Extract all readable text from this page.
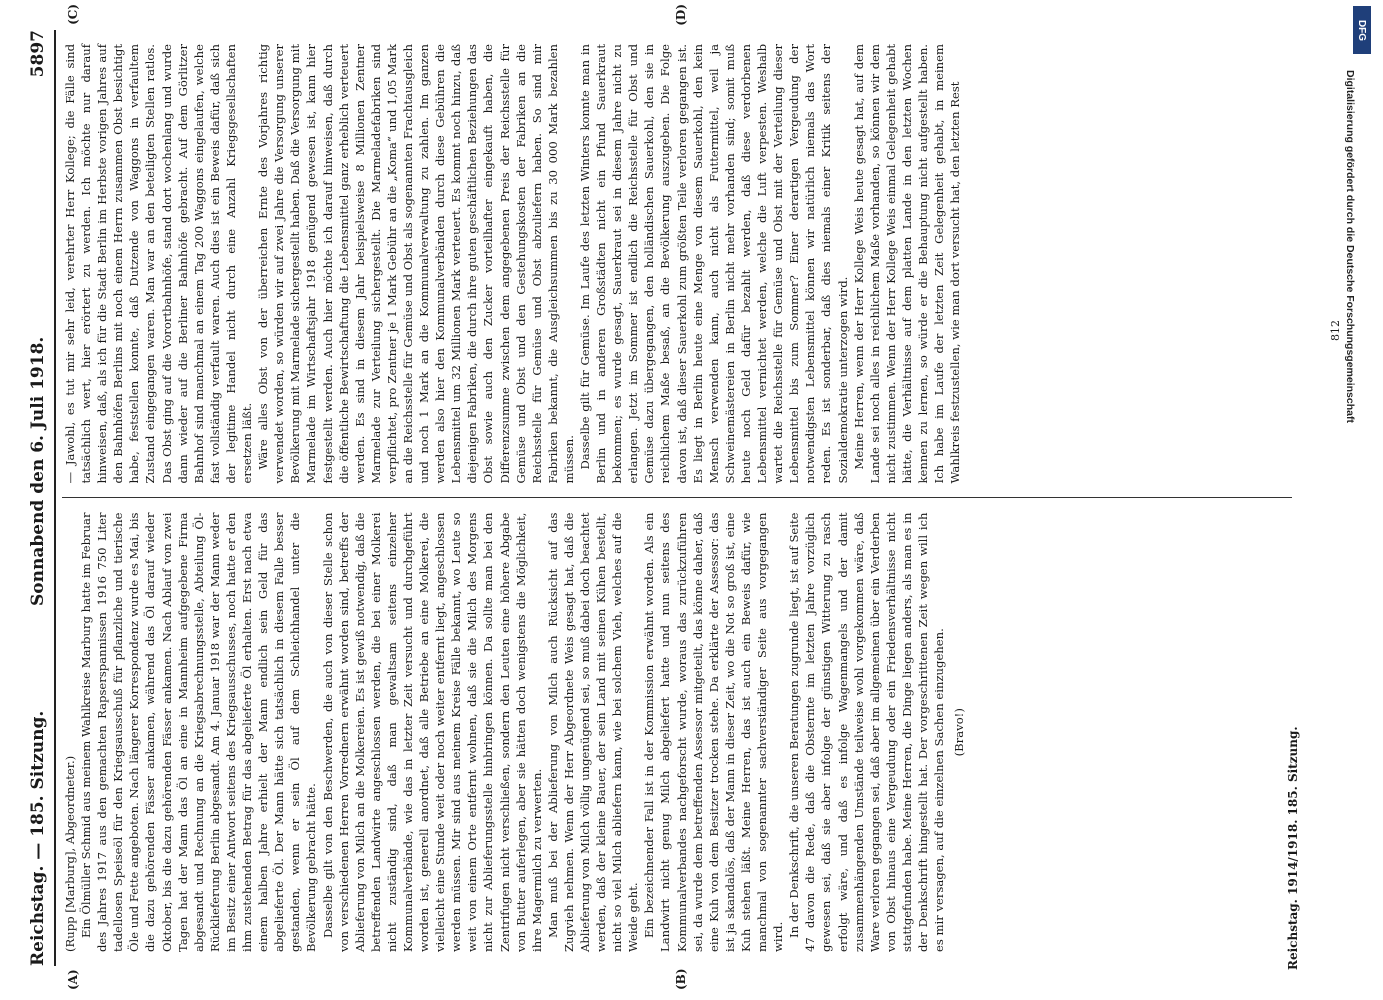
DFG
Digitalisierung gefördert durch die Deutsche Forschungsgemeinschaft
Reichstag. — 185. Sitzung.
Sonnabend den 6. Juli 1918.
5897
(A)	(B)
(C)	(D)

(Rupp [Marburg], Abgeordneter.) Ein Ölmüller Schmid aus meinem Wahlkreise Marburg hatte im Februar des Jahres 1917 aus den gemachten Rapserspannissen 1916 750 Liter tadellosen Speiseöl für den Kriegsausschuß für pflanzliche und tierische Öle und Fette angeboten. Nach längerer Korrespondenz wurde es Mai, bis die dazu gehörenden Fässer ankamen, während das Öl darauf wieder Oktober, bis die dazu gehörenden Fässer ankamen. Nach Ablauf von zwei Tagen hat der Mann das Öl an eine in Mannheim aufgegebene Firma abgesandt und Rechnung an die Kriegsabrechnungsstelle, Abteilung Öl-Rücklieferung Berlin abgesandt. Am 4. Januar 1918 war der Mann weder im Besitz einer Antwort seitens des Kriegsausschusses, noch hatte er den ihm zustehenden Betrag für das abgelieferte Öl erhalten. Erst nach etwa einem halben Jahre erhielt der Mann endlich sein Geld für das abgelieferte Öl. Der Mann hätte sich tatsächlich in diesem Falle besser gestanden, wenn er sein Öl auf dem Schleichhandel unter die Bevölkerung gebracht hätte. Dasselbe gilt von den Beschwerden, die auch von dieser Stelle schon von verschiedenen Herren Vorrednern erwähnt worden sind, betreffs der Ablieferung von Milch an die Molkereien. Es ist gewiß notwendig, daß die betreffenden Landwirte angeschlossen werden, die bei einer Molkerei nicht zuständig sind, daß man gewaltsam seitens einzelner Kommunalverbände, wie das in letzter Zeit versucht und durchgeführt worden ist, generell anordnet, daß alle Betriebe an eine Molkerei, die vielleicht eine Stunde weit oder noch weiter entfernt liegt, angeschlossen werden müssen. Mir sind aus meinem Kreise Fälle bekannt, wo Leute so weit von einem Orte entfernt wohnen, daß sie die Milch des Morgens nicht zur Ablieferungsstelle hinbringen können. Da sollte man bei den Zentrifugen nicht verschließen, sondern den Leuten eine höhere Abgabe von Butter auferlegen, aber sie hätten doch wenigstens die Möglichkeit, ihre Magermilch zu verwerten. Man muß bei der Ablieferung von Milch auch Rücksicht auf das Zugvieh nehmen. Wenn der Herr Abgeordnete Weis gesagt hat, daß die Ablieferung von Milch völlig ungenügend sei, so muß dabei doch beachtet werden, daß der kleine Bauer, der sein Land mit seinen Kühen bestellt, nicht so viel Milch abliefern kann, wie bei solchem Vieh, welches auf die Weide geht. Ein bezeichnender Fall ist in der Kommission erwähnt worden. Als ein Landwirt nicht genug Milch abgeliefert hatte und nun seitens des Kommunalverbandes nachgeforscht wurde, woraus das zurückzuführen sei, da wurde dem betreffenden Assessor mitgeteilt, das könne daher, daß eine Kuh von dem Besitzer trocken stehe. Da erklärte der Assessor: das ist ja skandalös, daß der Mann in dieser Zeit, wo die Not so groß ist, eine Kuh stehen läßt. Meine Herren, das ist auch ein Beweis dafür, wie manchmal von sogenannter sachverständiger Seite aus vorgegangen wird. In der Denkschrift, die unseren Beratungen zugrunde liegt, ist auf Seite 47 davon die Rede, daß die Obsternte im letzten Jahre vorzüglich gewesen sei, daß sie aber infolge der günstigen Witterung zu rasch erfolgt wäre, und daß es infolge Wagenmangels und der damit zusammenhängenden Umstände teilweise wohl vorgekommen wäre, daß Ware verloren gegangen sei, daß aber im allgemeinen über ein Verderben von Obst hinaus eine Vergeudung oder ein Friedensverhältnisse nicht stattgefunden habe. Meine Herren, die Dinge liegen anders, als man es in der Denkschrift hingestellt hat. Der vorgeschrittenen Zeit wegen will ich es mir versagen, auf die einzelnen Sachen einzugehen. (Bravo!)

— Jawohl, es tut mir sehr leid, verehrter Herr Kollege; die Fälle sind tatsächlich wert, hier erörtert zu werden. Ich möchte nur darauf hinweisen, daß, als ich für die Stadt Berlin im Herbste vorigen Jahres auf den Bahnhöfen Berlins mit noch einem Herrn zusammen Obst besichtigt habe, feststellen konnte, daß Dutzende von Waggons in verfaultem Zustand eingegangen waren. Man war an den beteiligten Stellen ratlos. Das Obst ging auf die Vorortbahnhöfe, stand dort wochenlang und wurde dann wieder auf die Berliner Bahnhöfe gebracht. Auf dem Görlitzer Bahnhof sind manchmal an einem Tag 200 Waggons eingelaufen, welche fast vollständig verfault waren. Auch dies ist ein Beweis dafür, daß sich der legitime Handel nicht durch eine Anzahl Kriegsgesellschaften ersetzen läßt. Wäre alles Obst von der überreichen Ernte des Vorjahres richtig verwendet worden, so würden wir auf zwei Jahre die Versorgung unserer Bevölkerung mit Marmelade sichergestellt haben. Daß die Versorgung mit Marmelade im Wirtschaftsjahr 1918 genügend gewesen ist, kann hier festgestellt werden. Auch hier möchte ich darauf hinweisen, daß durch die öffentliche Bewirtschaftung die Lebensmittel ganz erheblich verteuert werden. Es sind in diesem Jahr beispielsweise 8 Millionen Zentner Marmelade zur Verteilung sichergestellt. Die Marmeladefabriken sind verpflichtet, pro Zentner je 1 Mark Gebühr an die „Koma“ und 1,05 Mark an die Reichsstelle für Gemüse und Obst als sogenannten Frachtausgleich und noch 1 Mark an die Kommunalverwaltung zu zahlen. Im ganzen werden also hier den Kommunalverbänden durch diese Gebühren die Lebensmittel um 32 Millionen Mark verteuert. Es kommt noch hinzu, daß diejenigen Fabriken, die durch ihre guten geschäftlichen Beziehungen das Obst sowie auch den Zucker vorteilhafter eingekauft haben, die Differenzsumme zwischen dem angegebenen Preis der Reichsstelle für Gemüse und Obst und den Gestehungskosten der Fabriken an die Reichsstelle für Gemüse und Obst abzuliefern haben. So sind mir Fabriken bekannt, die Ausgleichsummen bis zu 30 000 Mark bezahlen müssen. Dasselbe gilt für Gemüse. Im Laufe des letzten Winters konnte man in Berlin und in anderen Großstädten nicht ein Pfund Sauerkraut bekommen; es wurde gesagt, Sauerkraut sei in diesem Jahre nicht zu erlangen. Jetzt im Sommer ist endlich die Reichsstelle für Obst und Gemüse dazu übergegangen, den holländischen Sauerkohl, den sie in reichlichem Maße besaß, an die Bevölkerung auszugeben. Die Folge davon ist, daß dieser Sauerkohl zum größten Teile verloren gegangen ist. Es liegt in Berlin heute eine Menge von diesem Sauerkohl, den kein Mensch verwenden kann, auch nicht als Futtermittel, weil ja Schweinemästereien in Berlin nicht mehr vorhanden sind; somit muß heute noch Geld dafür bezahlt werden, daß diese verdorbenen Lebensmittel vernichtet werden, welche die Luft verpesten. Weshalb wartet die Reichsstelle für Gemüse und Obst mit der Verteilung dieser Lebensmittel bis zum Sommer? Einer derartigen Vergeudung der notwendigsten Lebensmittel können wir natürlich niemals das Wort reden. Es ist sonderbar, daß dies niemals einer Kritik seitens der Sozialdemokratie unterzogen wird. Meine Herren, wenn der Herr Kollege Weis heute gesagt hat, auf dem Lande sei noch alles in reichlichem Maße vorhanden, so können wir dem nicht zustimmen. Wenn der Herr Kollege Weis einmal Gelegenheit gehabt hätte, die Verhältnisse auf dem platten Lande in den letzten Wochen kennen zu lernen, so würde er die Behauptung nicht aufgestellt haben. Ich habe im Laufe der letzten Zeit Gelegenheit gehabt, in meinem Wahlkreis festzustellen, wie man dort versucht hat, den letzten Rest

Reichstag. 1914/1918. 185. Sitzung.
812
